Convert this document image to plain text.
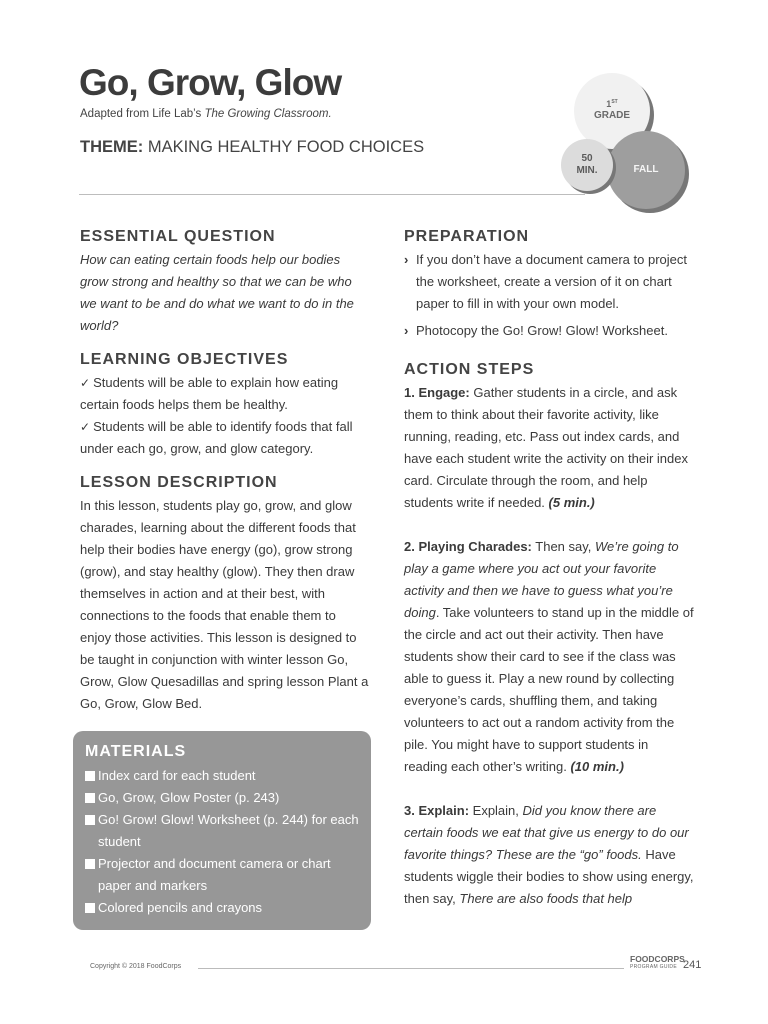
Go, Grow, Glow
Adapted from Life Lab’s The Growing Classroom.
THEME: MAKING HEALTHY FOOD CHOICES
1ST
GRADE
FALL
50
MIN.
ESSENTIAL QUESTION

How can eating certain foods help our bodies grow strong and healthy so that we can be who we want to be and do what we want to do in the world?

LEARNING OBJECTIVES
✓ Students will be able to explain how eating certain foods helps them be healthy.
✓ Students will be able to identify foods that fall under each go, grow, and glow category.
LESSON DESCRIPTION

In this lesson, students play go, grow, and glow charades, learning about the different foods that help their bodies have energy (go), grow strong (grow), and stay healthy (glow). They then draw themselves in action and at their best, with connections to the foods that enable them to enjoy those activities. This lesson is designed to be taught in conjunction with winter lesson Go, Grow, Glow Quesadillas and spring lesson Plant a Go, Grow, Glow Bed.

MATERIALS
Index card for each student
Go, Grow, Glow Poster (p. 243)
Go! Grow! Glow! Worksheet (p. 244) for each student
Projector and document camera or chart paper and markers
Colored pencils and crayons
PREPARATION
› If you don’t have a document camera to project the worksheet, create a version of it on chart paper to fill in with your own model.
› Photocopy the Go! Grow! Glow! Worksheet.
ACTION STEPS

1. Engage: Gather students in a circle, and ask them to think about their favorite activity, like running, reading, etc. Pass out index cards, and have each student write the activity on their index card. Circulate through the room, and help students write if needed. (5 min.)

2. Playing Charades: Then say, We’re going to play a game where you act out your favorite activity and then we have to guess what you’re doing. Take volunteers to stand up in the middle of the circle and act out their activity. Then have students show their card to see if the class was able to guess it. Play a new round by collecting everyone’s cards, shuffling them, and taking volunteers to act out a random activity from the pile. You might have to support students in reading each other’s writing. (10 min.)

3. Explain: Explain, Did you know there are certain foods we eat that give us energy to do our favorite things? These are the “go” foods. Have students wiggle their bodies to show using energy, then say, There are also foods that help

Copyright © 2018 FoodCorps
FOODCORPS
PROGRAM GUIDE 241
